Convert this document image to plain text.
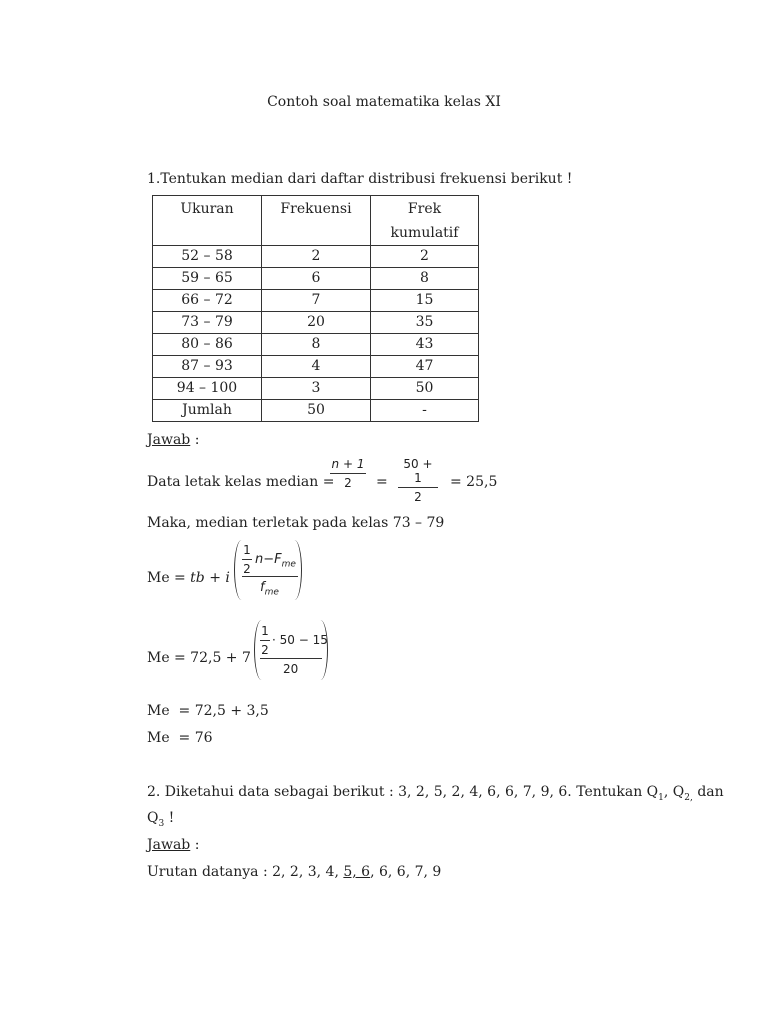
Contoh soal matematika kelas XI
1.Tentukan median dari daftar distribusi frekuensi berikut !
Ukuran	Frekuensi	Frek
kumulatif
52 – 58	2	2
59 – 65	6	8
66 – 72	7	15
73 – 79	20	35
80 – 86	8	43
87 – 93	4	47
94 – 100	3	50
Jumlah	50	-
Jawab :
Data letak kelas median =
n + 1
2	=
50 + 1
2
= 25,5
Maka, median terletak pada kelas 73 – 79
Me = tb + i
1
2
$n-F_{me}$
$f_{me}$
Me = 72,5 + 7
1
2
· 50 − 15
20
Me  = 72,5 + 3,5
Me  = 76
2. Diketahui data sebagai berikut : 3, 2, 5, 2, 4, 6, 6, 7, 9, 6. Tentukan $Q_1$, $Q_{2,}$ dan
$Q_3$ !
Jawab :
Urutan datanya : 2, 2, 3, 4, 5, 6, 6, 6, 7, 9
